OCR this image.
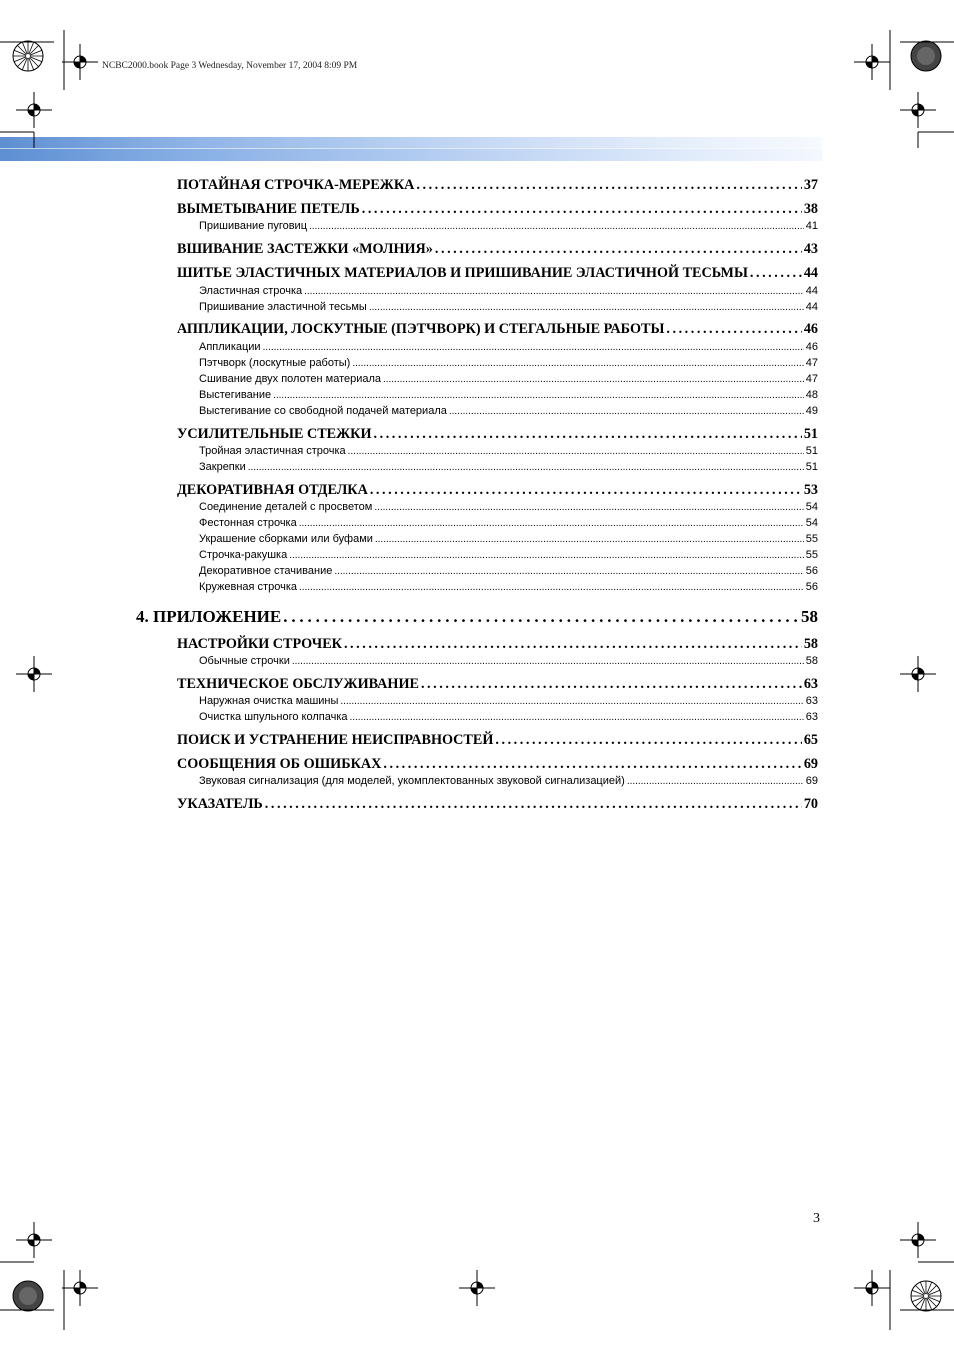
NCBC2000.book Page 3 Wednesday, November 17, 2004 8:09 PM
ПОТАЙНАЯ СТРОЧКА-МЕРЕЖКА . . .	37
ВЫМЕТЫВАНИЕ ПЕТЕЛЬ . . .	38
Пришивание пуговиц . . .	41
ВШИВАНИЕ ЗАСТЕЖКИ «МОЛНИЯ» . . .	43
ШИТЬЕ ЭЛАСТИЧНЫХ МАТЕРИАЛОВ И ПРИШИВАНИЕ ЭЛАСТИЧНОЙ ТЕСЬМЫ . . .	44
Эластичная строчка . . .	44
Пришивание эластичной тесьмы . . .	44
АППЛИКАЦИИ, ЛОСКУТНЫЕ (ПЭТЧВОРК) И СТЕГАЛЬНЫЕ РАБОТЫ . . .	46
Аппликации . . .	46
Пэтчворк (лоскутные работы) . . .	47
Сшивание двух полотен материала . . .	47
Выстегивание . . .	48
Выстегивание со свободной подачей материала . . .	49
УСИЛИТЕЛЬНЫЕ СТЕЖКИ . . .	51
Тройная эластичная строчка . . .	51
Закрепки . . .	51
ДЕКОРАТИВНАЯ ОТДЕЛКА . . .	53
Соединение деталей с просветом . . .	54
Фестонная строчка . . .	54
Украшение сборками или буфами . . .	55
Строчка-ракушка . . .	55
Декоративное стачивание . . .	56
Кружевная строчка . . .	56
4. ПРИЛОЖЕНИЕ . . .	58
НАСТРОЙКИ СТРОЧЕК . . .	58
Обычные строчки . . .	58
ТЕХНИЧЕСКОЕ ОБСЛУЖИВАНИЕ . . .	63
Наружная очистка машины . . .	63
Очистка шпульного колпачка . . .	63
ПОИСК И УСТРАНЕНИЕ НЕИСПРАВНОСТЕЙ . . .	65
СООБЩЕНИЯ ОБ ОШИБКАХ . . .	69
Звуковая сигнализация (для моделей, укомплектованных звуковой сигнализацией) . . .	69
УКАЗАТЕЛЬ . . .	70
3
